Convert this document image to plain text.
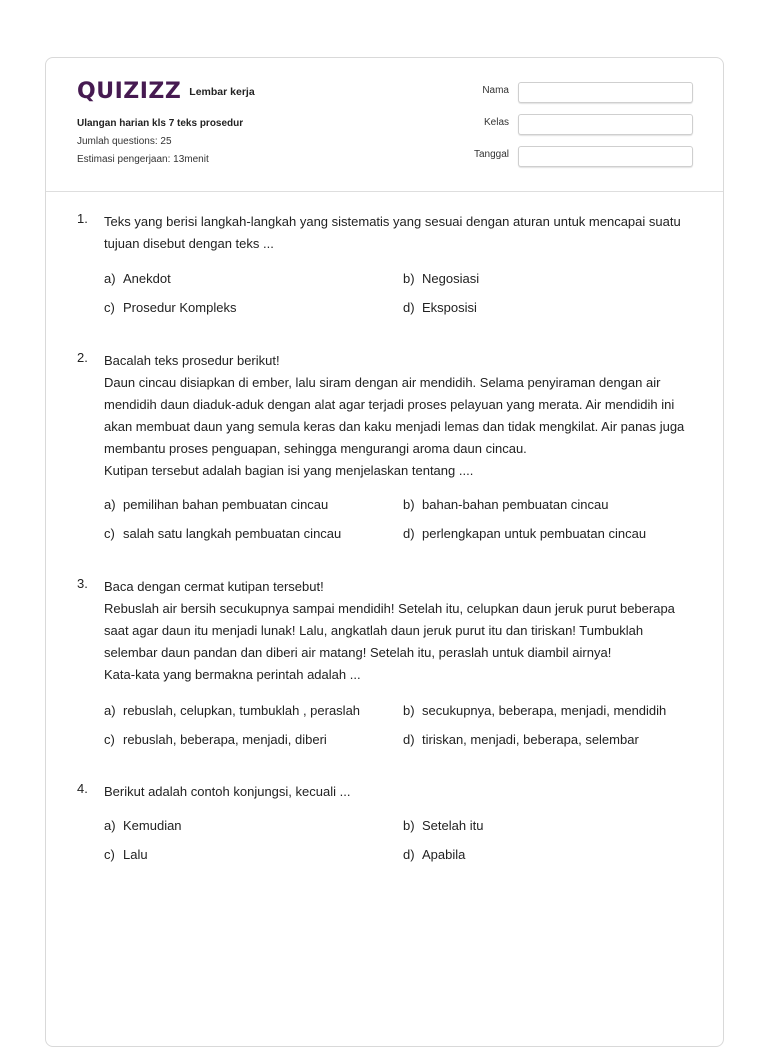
QUIZIZZ Lembar kerja
Ulangan harian kls 7 teks prosedur
Jumlah questions: 25
Estimasi pengerjaan: 13menit
Nama
Kelas
Tanggal
1. Teks yang berisi langkah-langkah yang sistematis yang sesuai dengan aturan untuk mencapai suatu tujuan disebut dengan teks ...

a) Anekdot	b) Negosiasi
c) Prosedur Kompleks	d) Eksposisi
2. Bacalah teks prosedur berikut!

Daun cincau disiapkan di ember, lalu siram dengan air mendidih. Selama penyiraman dengan air mendidih daun diaduk-aduk dengan alat agar terjadi proses pelayuan yang merata. Air mendidih ini akan membuat daun yang semula keras dan kaku menjadi lemas dan tidak mengkilat. Air panas juga membantu proses penguapan, sehingga mengurangi aroma daun cincau.

Kutipan tersebut adalah bagian isi yang menjelaskan tentang ....

a) pemilihan bahan pembuatan cincau	b) bahan-bahan pembuatan cincau
c) salah satu langkah pembuatan cincau	d) perlengkapan untuk pembuatan cincau
3. Baca dengan cermat kutipan tersebut!

Rebuslah air bersih secukupnya sampai mendidih! Setelah itu, celupkan daun jeruk purut beberapa saat agar daun itu menjadi lunak! Lalu, angkatlah daun jeruk purut itu dan tiriskan! Tumbuklah selembar daun pandan dan diberi air matang! Setelah itu, peraslah untuk diambil airnya!

Kata-kata yang bermakna perintah adalah ...

a) rebuslah, celupkan, tumbuklah , peraslah	b) secukupnya, beberapa, menjadi, mendidih
c) rebuslah, beberapa, menjadi, diberi	d) tiriskan, menjadi, beberapa, selembar
4. Berikut adalah contoh konjungsi, kecuali ...

a) Kemudian	b) Setelah itu
c) Lalu	d) Apabila
